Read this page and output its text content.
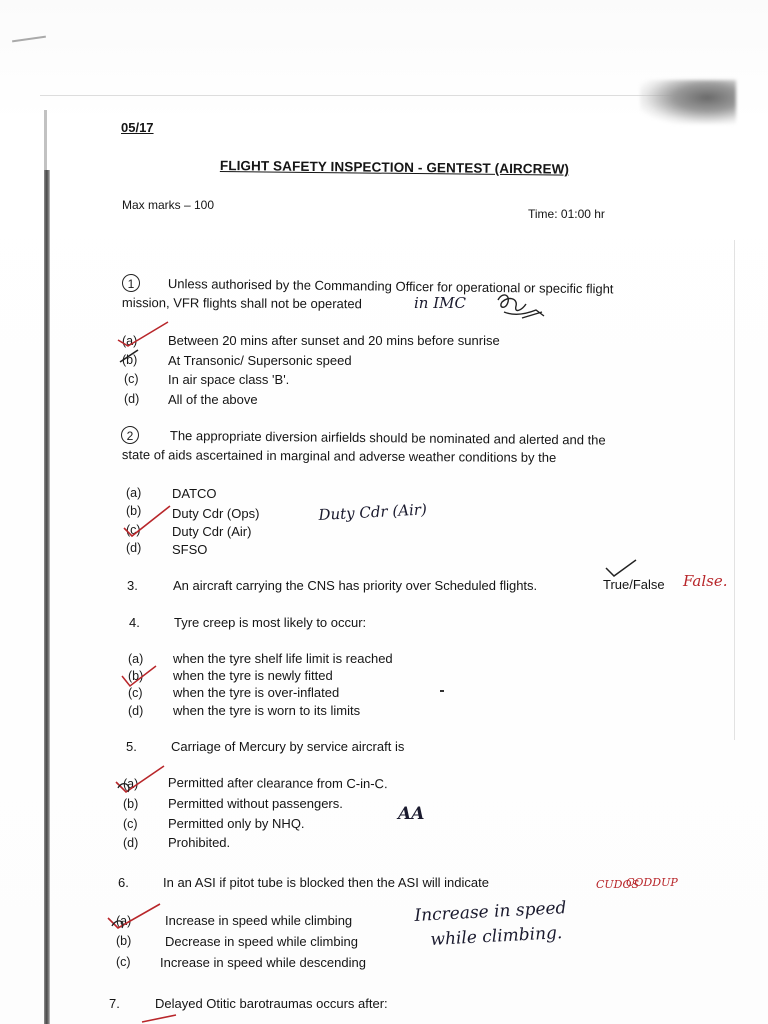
05/17
FLIGHT SAFETY INSPECTION - GENTEST (AIRCREW)
Max marks – 100
Time: 01:00 hr
1	Unless authorised by the Commanding Officer for operational or specific flight
mission, VFR flights shall not be operated	in IMC
(a) Between 20 mins after sunset and 20 mins before sunrise
(b) At Transonic/ Supersonic speed
(c) In air space class 'B'.
(d) All of the above
2	The appropriate diversion airfields should be nominated and alerted and the
state of aids ascertained in marginal and adverse weather conditions by the
(a) DATCO
(b) Duty Cdr (Ops)
(c) Duty Cdr (Air)
(d) SFSO
Duty Cdr (Air)
3.	An aircraft carrying the CNS has priority over Scheduled flights.	True/False False.
4.	Tyre creep is most likely to occur:
(a) when the tyre shelf life limit is reached
(b) when the tyre is newly fitted
(c) when the tyre is over-inflated
(d) when the tyre is worn to its limits
5.	Carriage of Mercury by service aircraft is
(a) Permitted after clearance from C-in-C.
(b) Permitted without passengers.
(c) Permitted only by NHQ.
(d) Prohibited.
AA
6.	In an ASI if pitot tube is blocked then the ASI will indicate
(a)	Increase in speed while climbing
(b)	Decrease in speed while climbing
(c) Increase in speed while descending
Increase in speed
while climbing.
CUDOS
CODDUP
7.	Delayed Otitic barotraumas occurs after:
